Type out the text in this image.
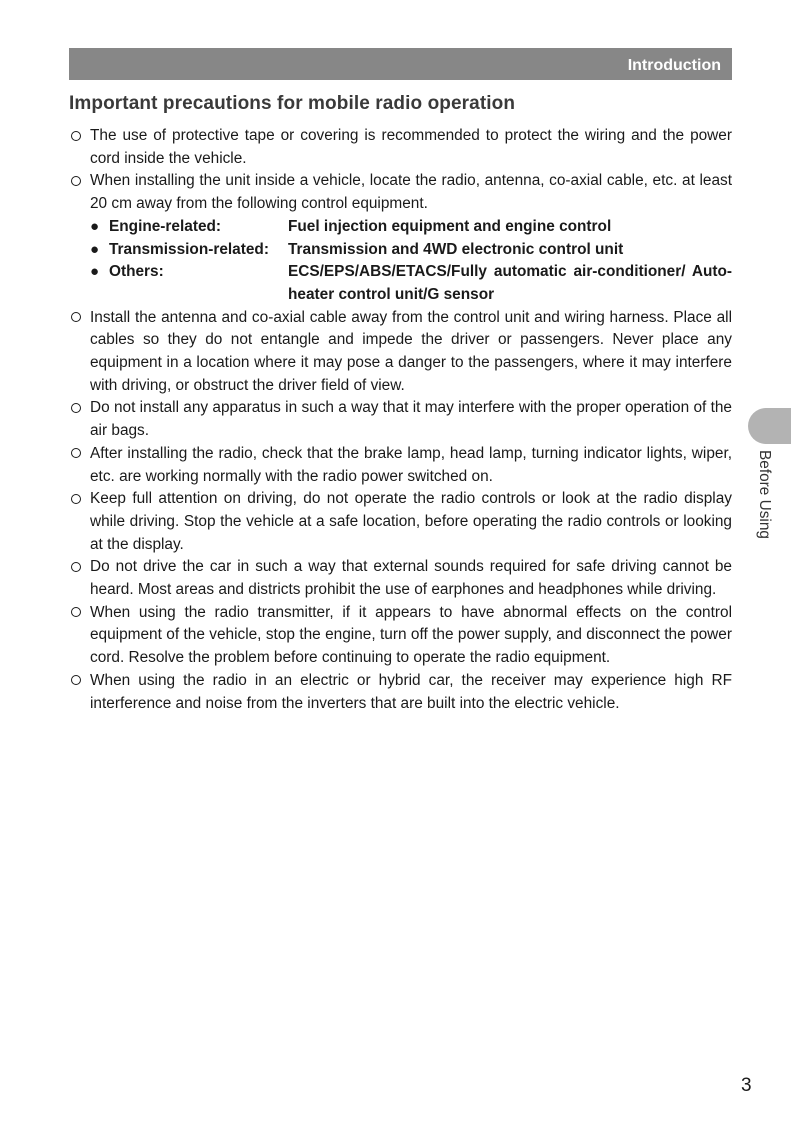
Introduction
Important precautions for mobile radio operation
The use of protective tape or covering is recommended to protect the wiring and the power cord inside the vehicle.
When installing the unit inside a vehicle, locate the radio, antenna, co-axial cable, etc. at least 20 cm away from the following control equipment.
● Engine-related:	Fuel injection equipment and engine control
● Transmission-related:	Transmission and 4WD electronic control unit
● Others:	ECS/EPS/ABS/ETACS/Fully automatic air-conditioner/ Auto-heater control unit/G sensor
Install the antenna and co-axial cable away from the control unit and wiring harness. Place all cables so they do not entangle and impede the driver or passengers. Never place any equipment in a location where it may pose a danger to the passengers, where it may interfere with driving, or obstruct the driver field of view.
Do not install any apparatus in such a way that it may interfere with the proper operation of the air bags.
After installing the radio, check that the brake lamp, head lamp, turning indicator lights, wiper, etc. are working normally with the radio power switched on.
Keep full attention on driving, do not operate the radio controls or look at the radio display while driving. Stop the vehicle at a safe location, before operating the radio controls or looking at the display.
Do not drive the car in such a way that external sounds required for safe driving cannot be heard. Most areas and districts prohibit the use of earphones and headphones while driving.
When using the radio transmitter, if it appears to have abnormal effects on the control equipment of the vehicle, stop the engine, turn off the power supply, and disconnect the power cord. Resolve the problem before continuing to operate the radio equipment.
When using the radio in an electric or hybrid car, the receiver may experience high RF interference and noise from the inverters that are built into the electric vehicle.
Before Using
3
